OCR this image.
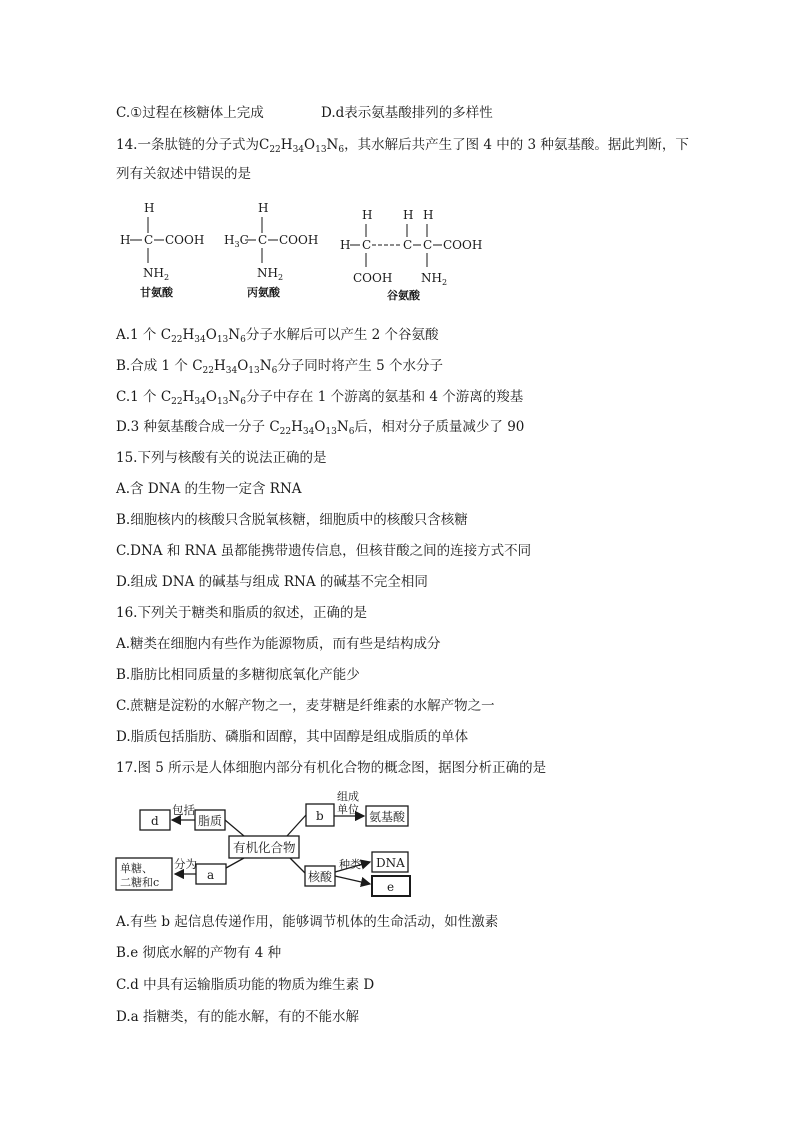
C.①过程在核糖体上完成	D.d表示氨基酸排列的多样性
14.一条肽链的分子式为$C_{22}H_{34}O_{13}N_6$，其水解后共产生了图 4 中的 3 种氨基酸。据此判断，下
列有关叙述中错误的是
H
H C COOH
$NH_2$
甘氨酸
H
$H_3C$ C COOH
$NH_2$
丙氨酸
H	H H
H C	C C COOH
COOH $NH_2$
谷氨酸
A.1 个 $C_{22}H_{34}O_{13}N_6$分子水解后可以产生 2 个谷氨酸
B.合成 1 个 $C_{22}H_{34}O_{13}N_6$分子同时将产生 5 个水分子
C.1 个 $C_{22}H_{34}O_{13}N_6$分子中存在 1 个游离的氨基和 4 个游离的羧基
D.3 种氨基酸合成一分子 $C_{22}H_{34}O_{13}N_6$后，相对分子质量减少了 90
15.下列与核酸有关的说法正确的是
A.含 DNA 的生物一定含 RNA
B.细胞核内的核酸只含脱氧核糖，细胞质中的核酸只含核糖
C.DNA 和 RNA 虽都能携带遗传信息，但核苷酸之间的连接方式不同
D.组成 DNA 的碱基与组成 RNA 的碱基不完全相同
16.下列关于糖类和脂质的叙述，正确的是
A.糖类在细胞内有些作为能源物质，而有些是结构成分
B.脂肪比相同质量的多糖彻底氧化产能少
C.蔗糖是淀粉的水解产物之一，麦芽糖是纤维素的水解产物之一
D.脂质包括脂肪、磷脂和固醇，其中固醇是组成脂质的单体
17.图 5 所示是人体细胞内部分有机化合物的概念图，据图分析正确的是
有机化合物
脂质
d
包括	b
组成
单位
氨基酸
a
分为
单糖、
二糖和c	核酸
种类 DNA
e
A.有些 b 起信息传递作用，能够调节机体的生命活动，如性激素
B.e 彻底水解的产物有 4 种
C.d 中具有运输脂质功能的物质为维生素 D
D.a 指糖类，有的能水解，有的不能水解
